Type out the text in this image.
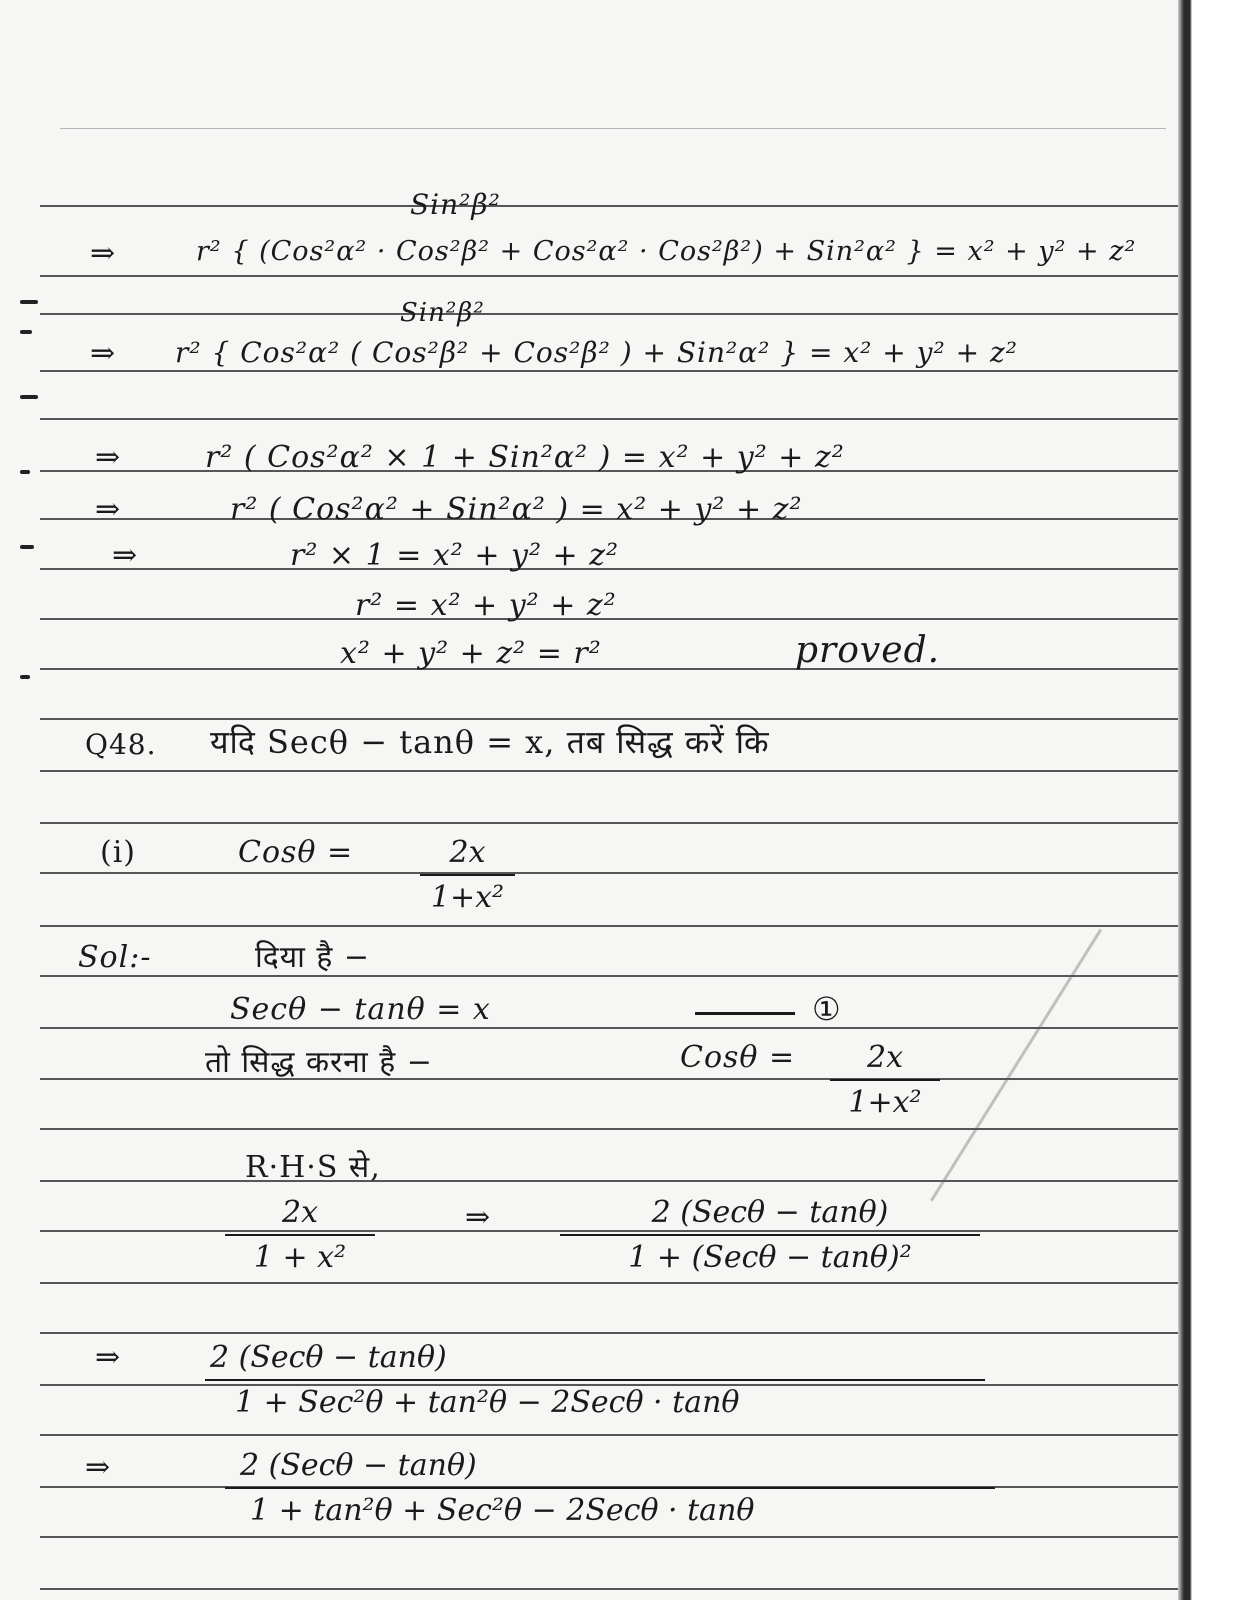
Sin²β²
⇒	r² { (Cos²α² · Cos²β² + Cos²α² · Cos²β²) + Sin²α² } = x² + y² + z²
Sin²β²
⇒ r² { Cos²α² ( Cos²β² + Cos²β² ) + Sin²α² } = x² + y² + z²
⇒	r² ( Cos²α² × 1 + Sin²α² ) = x² + y² + z²
⇒	r² ( Cos²α² + Sin²α² ) = x² + y² + z²
⇒	r² × 1 = x² + y² + z²
r² = x² + y² + z²
x² + y² + z² = r²	proved.
Q48. यदि Secθ − tanθ = x, तब सिद्ध करें कि
(i)	Cosθ =	2x
1+x²
Sol:-	दिया है −
Secθ − tanθ = x	①
तो सिद्ध करना है −	Cosθ =	2x
1+x²
R·H·S से,
2x
1 + x²
⇒	2 (Secθ − tanθ)
1 + (Secθ − tanθ)²
⇒	2 (Secθ − tanθ)
1 + Sec²θ + tan²θ − 2Secθ · tanθ
⇒	2 (Secθ − tanθ)
1 + tan²θ + Sec²θ − 2Secθ · tanθ
